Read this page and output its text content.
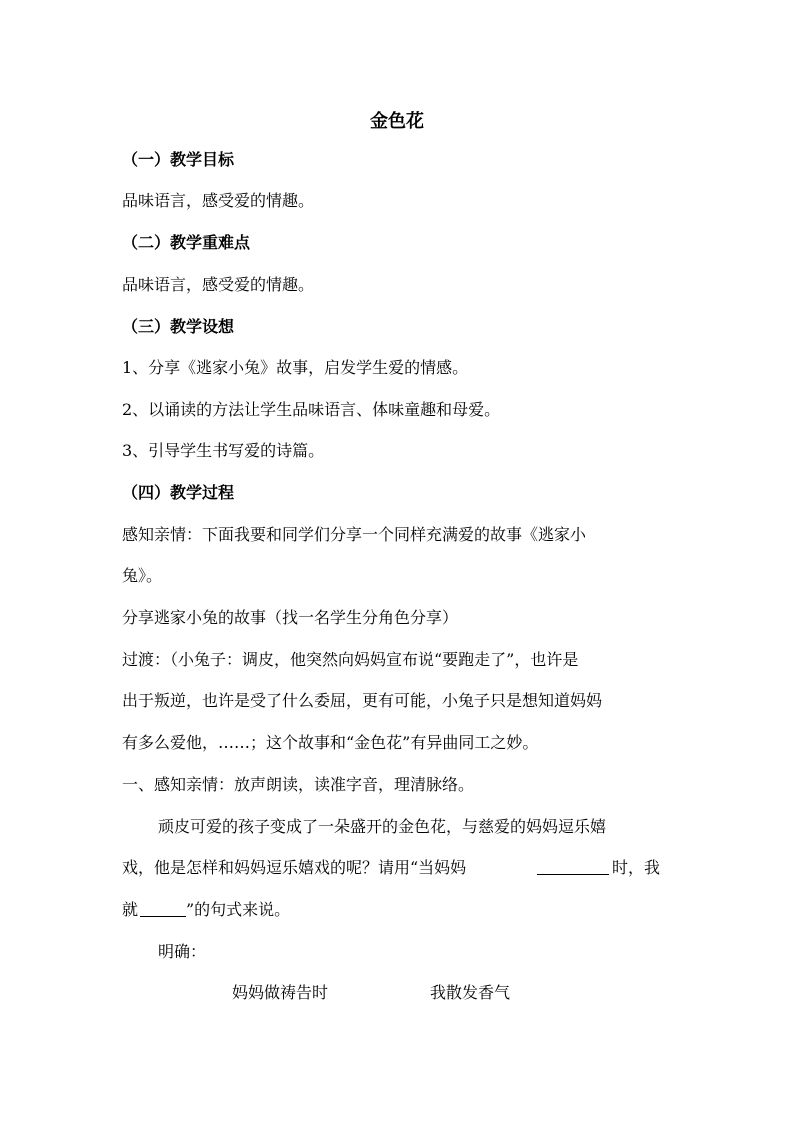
金色花
（一）教学目标
品味语言，感受爱的情趣。
（二）教学重难点
品味语言，感受爱的情趣。
（三）教学设想
1、分享《逃家小兔》故事，启发学生爱的情感。
2、以诵读的方法让学生品味语言、体味童趣和母爱。
3、引导学生书写爱的诗篇。
（四）教学过程
感知亲情：下面我要和同学们分享一个同样充满爱的故事《逃家小
兔》。
分享逃家小兔的故事（找一名学生分角色分享）
过渡：（小兔子：调皮，他突然向妈妈宣布说“要跑走了”，也许是
出于叛逆，也许是受了什么委屈，更有可能，小兔子只是想知道妈妈
有多么爱他，……；这个故事和“金色花”有异曲同工之妙。
一、感知亲情：放声朗读，读准字音，理清脉络。
顽皮可爱的孩子变成了一朵盛开的金色花，与慈爱的妈妈逗乐嬉
戏，他是怎样和妈妈逗乐嬉戏的呢？请用“当妈妈	时，我
就	”的句式来说。
明确：
妈妈做祷告时	我散发香气
